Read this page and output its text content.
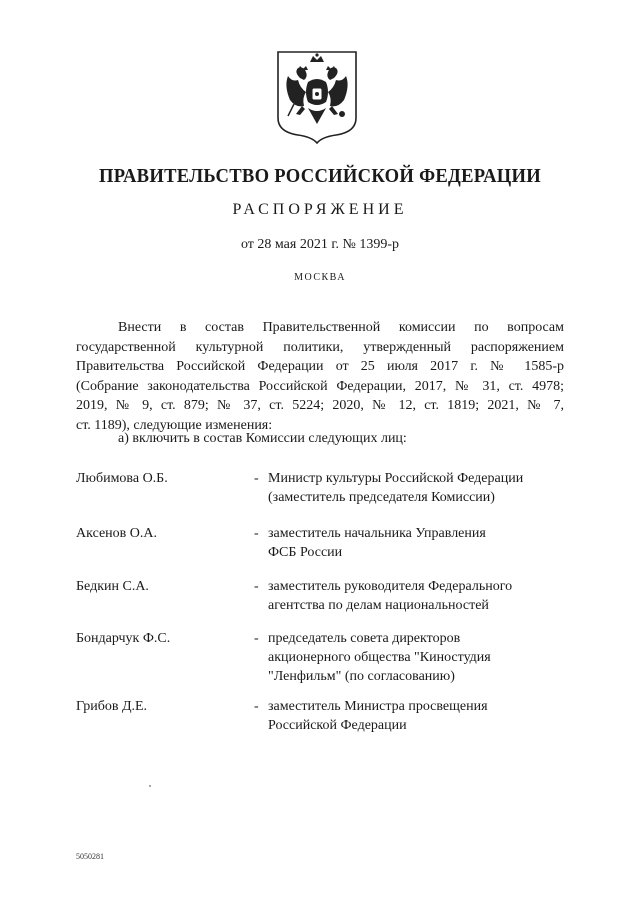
ПРАВИТЕЛЬСТВО РОССИЙСКОЙ ФЕДЕРАЦИИ
РАСПОРЯЖЕНИЕ
от 28 мая 2021 г. № 1399-р
МОСКВА
Внести в состав Правительственной комиссии по вопросам
государственной культурной политики, утвержденный распоряжением
Правительства Российской Федерации от 25 июля 2017 г. № 1585-р
(Собрание законодательства Российской Федерации, 2017, № 31, ст. 4978;
2019, № 9, ст. 879; № 37, ст. 5224; 2020, № 12, ст. 1819; 2021, № 7,
ст. 1189), следующие изменения:
а) включить в состав Комиссии следующих лиц:
Любимова О.Б.	- Министр культуры Российской Федерации
(заместитель председателя Комиссии)
Аксенов О.А.	- заместитель начальника Управления
ФСБ России
Бедкин С.А.	- заместитель руководителя Федерального
агентства по делам национальностей
Бондарчук Ф.С.	- председатель совета директоров
акционерного общества "Киностудия
"Ленфильм" (по согласованию)
Грибов Д.Е.	- заместитель Министра просвещения
Российской Федерации
5050281
